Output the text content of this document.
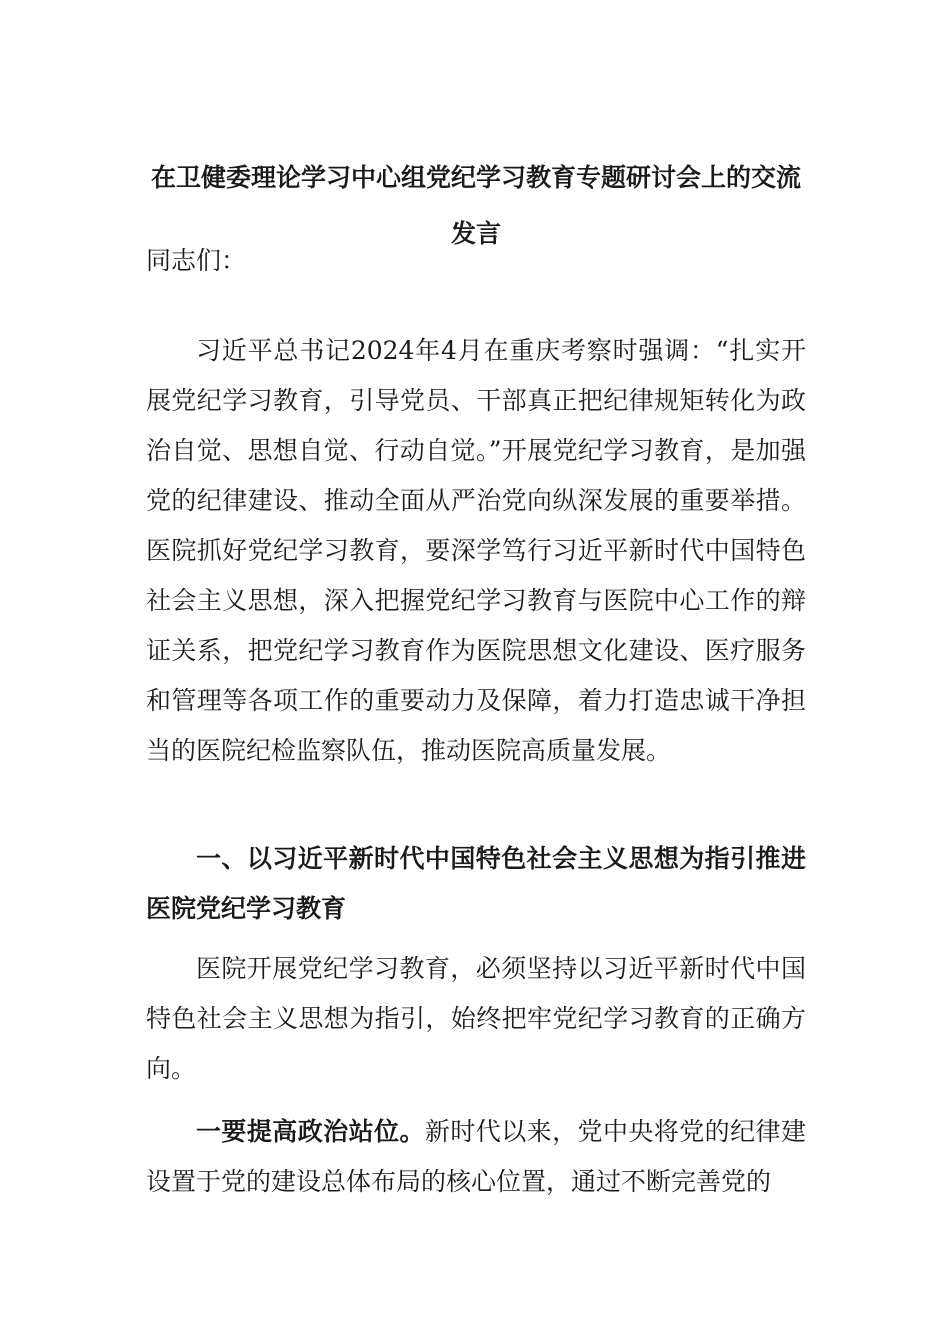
在卫健委理论学习中心组党纪学习教育专题研讨会上的交流发言

同志们：

习近平总书记2024年4月在重庆考察时强调：“扎实开展党纪学习教育，引导党员、干部真正把纪律规矩转化为政治自觉、思想自觉、行动自觉。”开展党纪学习教育，是加强党的纪律建设、推动全面从严治党向纵深发展的重要举措。医院抓好党纪学习教育，要深学笃行习近平新时代中国特色社会主义思想，深入把握党纪学习教育与医院中心工作的辩证关系，把党纪学习教育作为医院思想文化建设、医疗服务和管理等各项工作的重要动力及保障，着力打造忠诚干净担当的医院纪检监察队伍，推动医院高质量发展。

一、以习近平新时代中国特色社会主义思想为指引推进医院党纪学习教育

医院开展党纪学习教育，必须坚持以习近平新时代中国特色社会主义思想为指引，始终把牢党纪学习教育的正确方向。

一要提高政治站位。新时代以来，党中央将党的纪律建设置于党的建设总体布局的核心位置，通过不断完善党的
